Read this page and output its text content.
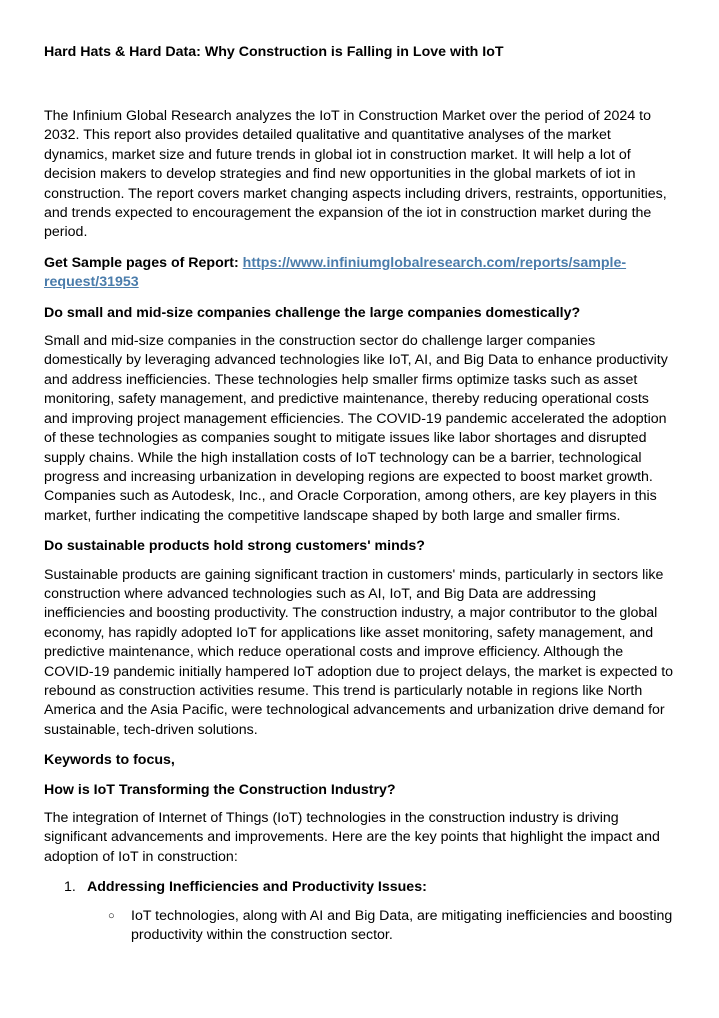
Hard Hats & Hard Data: Why Construction is Falling in Love with IoT

The Infinium Global Research analyzes the IoT in Construction Market over the period of 2024 to 2032. This report also provides detailed qualitative and quantitative analyses of the market dynamics, market size and future trends in global iot in construction market. It will help a lot of decision makers to develop strategies and find new opportunities in the global markets of iot in construction. The report covers market changing aspects including drivers, restraints, opportunities, and trends expected to encouragement the expansion of the iot in construction market during the period.

Get Sample pages of Report: https://www.infiniumglobalresearch.com/reports/sample-request/31953

Do small and mid-size companies challenge the large companies domestically?

Small and mid-size companies in the construction sector do challenge larger companies domestically by leveraging advanced technologies like IoT, AI, and Big Data to enhance productivity and address inefficiencies. These technologies help smaller firms optimize tasks such as asset monitoring, safety management, and predictive maintenance, thereby reducing operational costs and improving project management efficiencies. The COVID-19 pandemic accelerated the adoption of these technologies as companies sought to mitigate issues like labor shortages and disrupted supply chains. While the high installation costs of IoT technology can be a barrier, technological progress and increasing urbanization in developing regions are expected to boost market growth. Companies such as Autodesk, Inc., and Oracle Corporation, among others, are key players in this market, further indicating the competitive landscape shaped by both large and smaller firms.

Do sustainable products hold strong customers' minds?

Sustainable products are gaining significant traction in customers' minds, particularly in sectors like construction where advanced technologies such as AI, IoT, and Big Data are addressing inefficiencies and boosting productivity. The construction industry, a major contributor to the global economy, has rapidly adopted IoT for applications like asset monitoring, safety management, and predictive maintenance, which reduce operational costs and improve efficiency. Although the COVID-19 pandemic initially hampered IoT adoption due to project delays, the market is expected to rebound as construction activities resume. This trend is particularly notable in regions like North America and the Asia Pacific, were technological advancements and urbanization drive demand for sustainable, tech-driven solutions.

Keywords to focus,
How is IoT Transforming the Construction Industry?

The integration of Internet of Things (IoT) technologies in the construction industry is driving significant advancements and improvements. Here are the key points that highlight the impact and adoption of IoT in construction:

1. Addressing Inefficiencies and Productivity Issues:
○ IoT technologies, along with AI and Big Data, are mitigating inefficiencies and boosting productivity within the construction sector.
